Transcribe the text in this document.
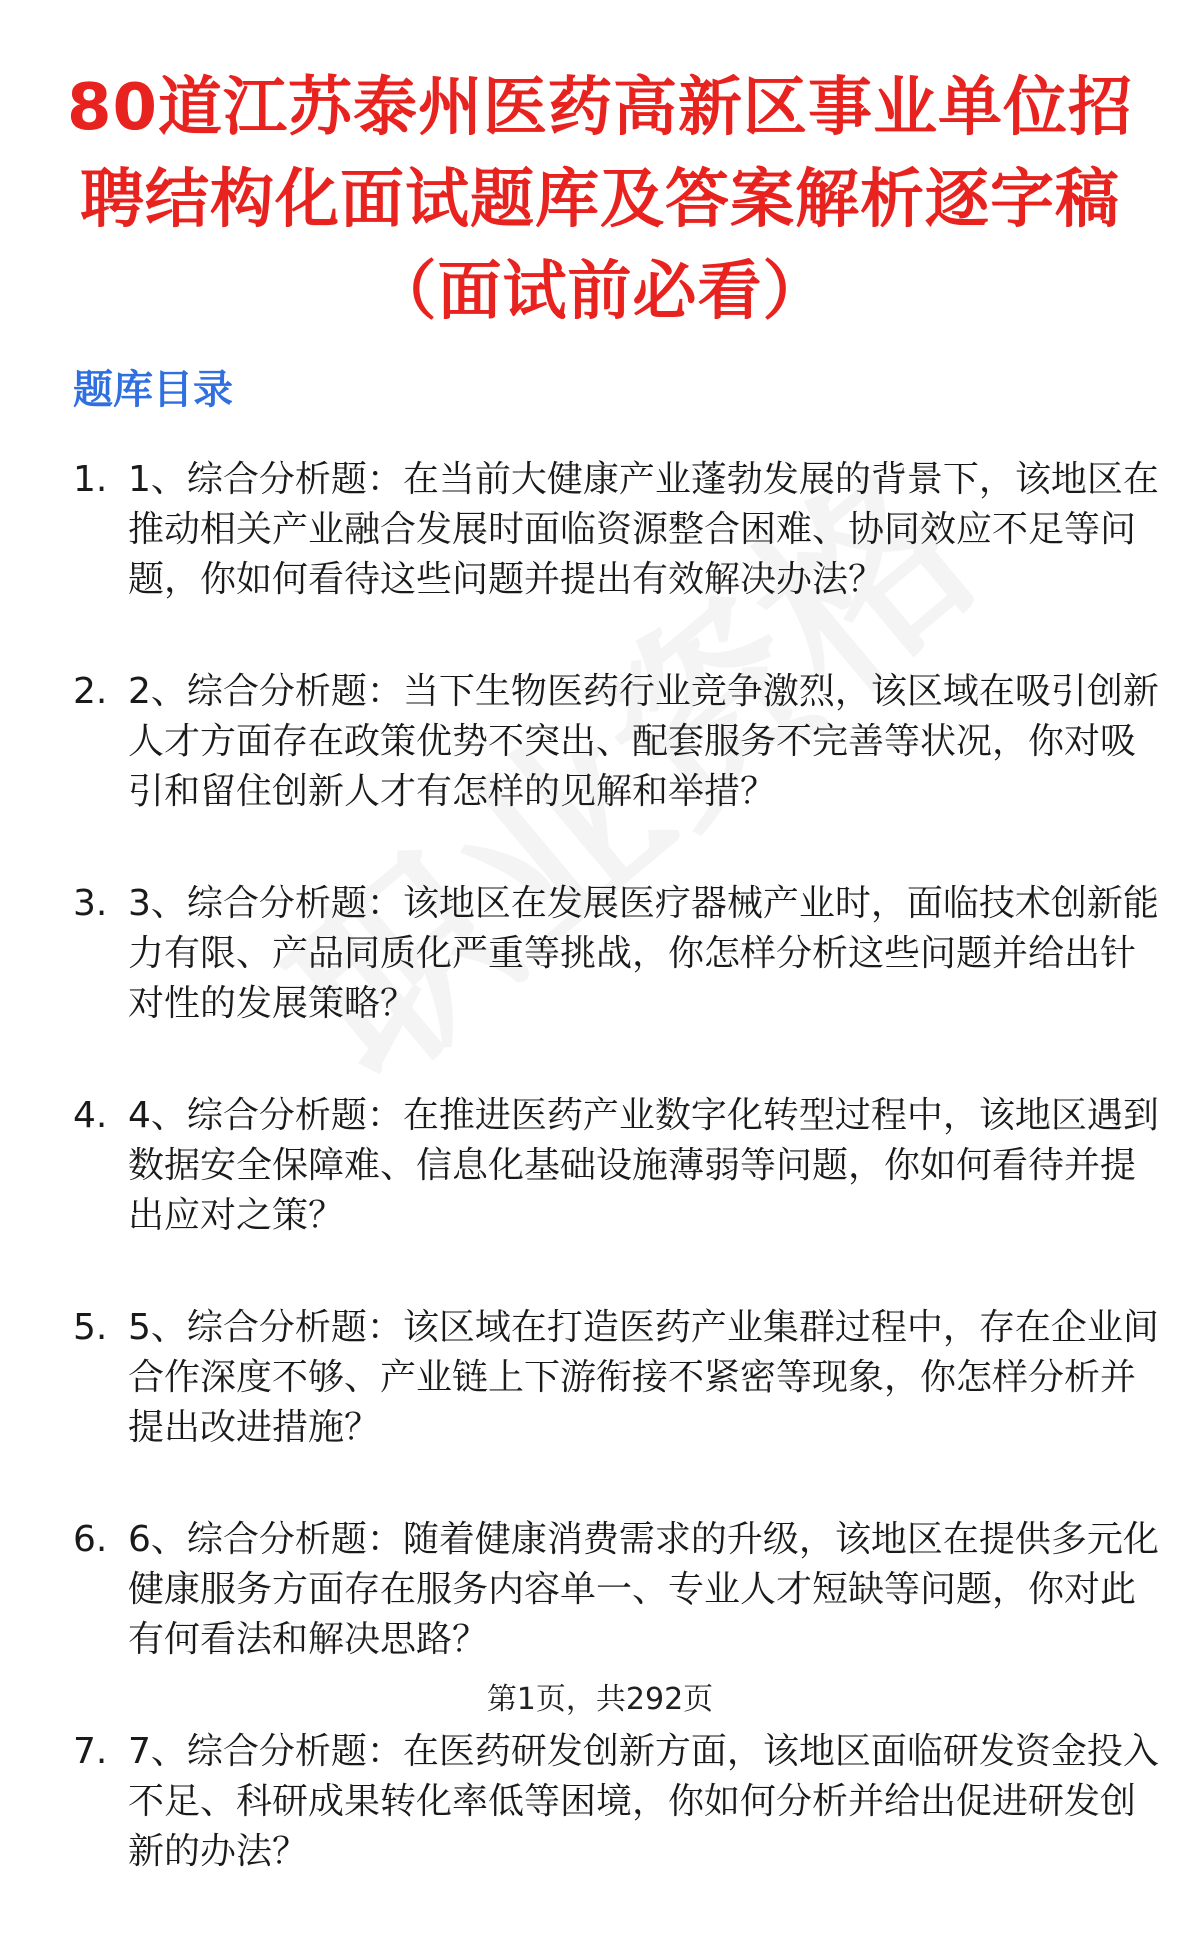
80道江苏泰州医药高新区事业单位招聘结构化面试题库及答案解析逐字稿（面试前必看）
题库目录
1. 1、综合分析题：在当前大健康产业蓬勃发展的背景下，该地区在推动相关产业融合发展时面临资源整合困难、协同效应不足等问题，你如何看待这些问题并提出有效解决办法？
2. 2、综合分析题：当下生物医药行业竞争激烈，该区域在吸引创新人才方面存在政策优势不突出、配套服务不完善等状况，你对吸引和留住创新人才有怎样的见解和举措？
3. 3、综合分析题：该地区在发展医疗器械产业时，面临技术创新能力有限、产品同质化严重等挑战，你怎样分析这些问题并给出针对性的发展策略？
4. 4、综合分析题：在推进医药产业数字化转型过程中，该地区遇到数据安全保障难、信息化基础设施薄弱等问题，你如何看待并提出应对之策？
5. 5、综合分析题：该区域在打造医药产业集群过程中，存在企业间合作深度不够、产业链上下游衔接不紧密等现象，你怎样分析并提出改进措施？
6. 6、综合分析题：随着健康消费需求的升级，该地区在提供多元化健康服务方面存在服务内容单一、专业人才短缺等问题，你对此有何看法和解决思路？
7. 7、综合分析题：在医药研发创新方面，该地区面临研发资金投入不足、科研成果转化率低等困境，你如何分析并给出促进研发创新的办法？
第1页，共292页
